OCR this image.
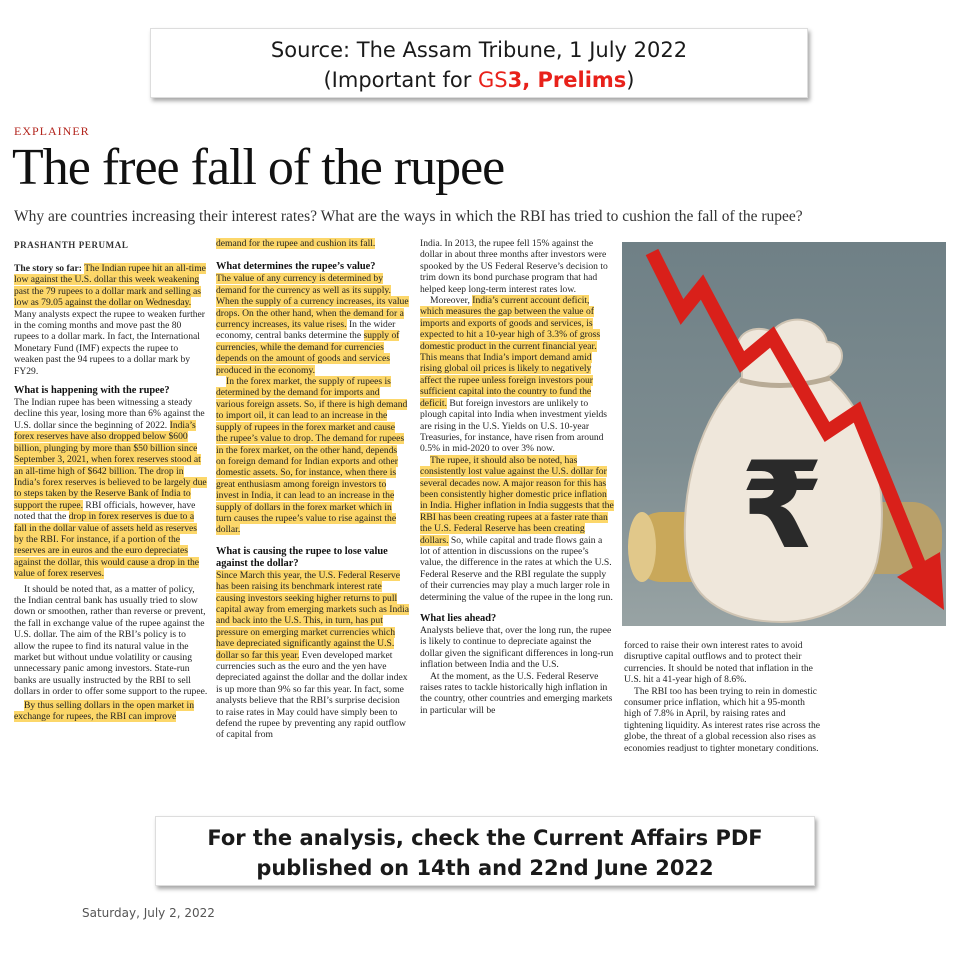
Source: The Assam Tribune, 1 July 2022
(Important for GS3, Prelims)
EXPLAINER
The free fall of the rupee
Why are countries increasing their interest rates? What are the ways in which the RBI has tried to cushion the fall of the rupee?
PRASHANTH PERUMAL

The story so far: The Indian rupee hit an all-time low against the U.S. dollar this week weakening past the 79 rupees to a dollar mark and selling as low as 79.05 against the dollar on Wednesday. Many analysts expect the rupee to weaken further in the coming months and move past the 80 rupees to a dollar mark. In fact, the International Monetary Fund (IMF) expects the rupee to weaken past the 94 rupees to a dollar mark by FY29.

What is happening with the rupee?

The Indian rupee has been witnessing a steady decline this year, losing more than 6% against the U.S. dollar since the beginning of 2022. India’s forex reserves have also dropped below $600 billion, plunging by more than $50 billion since September 3, 2021, when forex reserves stood at an all-time high of $642 billion. The drop in India’s forex reserves is believed to be largely due to steps taken by the Reserve Bank of India to support the rupee. RBI officials, however, have noted that the drop in forex reserves is due to a fall in the dollar value of assets held as reserves by the RBI. For instance, if a portion of the reserves are in euros and the euro depreciates against the dollar, this would cause a drop in the value of forex reserves.

It should be noted that, as a matter of policy, the Indian central bank has usually tried to slow down or smoothen, rather than reverse or prevent, the fall in exchange value of the rupee against the U.S. dollar. The aim of the RBI’s policy is to allow the rupee to find its natural value in the market but without undue volatility or causing unnecessary panic among investors. State-run banks are usually instructed by the RBI to sell dollars in order to offer some support to the rupee.

By thus selling dollars in the open market in exchange for rupees, the RBI can improve

demand for the rupee and cushion its fall.

What determines the rupee’s value?

The value of any currency is determined by demand for the currency as well as its supply. When the supply of a currency increases, its value drops. On the other hand, when the demand for a currency increases, its value rises. In the wider economy, central banks determine the supply of currencies, while the demand for currencies depends on the amount of goods and services produced in the economy.

In the forex market, the supply of rupees is determined by the demand for imports and various foreign assets. So, if there is high demand to import oil, it can lead to an increase in the supply of rupees in the forex market and cause the rupee’s value to drop. The demand for rupees in the forex market, on the other hand, depends on foreign demand for Indian exports and other domestic assets. So, for instance, when there is great enthusiasm among foreign investors to invest in India, it can lead to an increase in the supply of dollars in the forex market which in turn causes the rupee’s value to rise against the dollar.

What is causing the rupee to lose value against the dollar?

Since March this year, the U.S. Federal Reserve has been raising its benchmark interest rate causing investors seeking higher returns to pull capital away from emerging markets such as India and back into the U.S. This, in turn, has put pressure on emerging market currencies which have depreciated significantly against the U.S. dollar so far this year. Even developed market currencies such as the euro and the yen have depreciated against the dollar and the dollar index is up more than 9% so far this year. In fact, some analysts believe that the RBI’s surprise decision to raise rates in May could have simply been to defend the rupee by preventing any rapid outflow of capital from

India. In 2013, the rupee fell 15% against the dollar in about three months after investors were spooked by the US Federal Reserve’s decision to trim down its bond purchase program that had helped keep long-term interest rates low.

Moreover, India’s current account deficit, which measures the gap between the value of imports and exports of goods and services, is expected to hit a 10-year high of 3.3% of gross domestic product in the current financial year. This means that India’s import demand amid rising global oil prices is likely to negatively affect the rupee unless foreign investors pour sufficient capital into the country to fund the deficit. But foreign investors are unlikely to plough capital into India when investment yields are rising in the U.S. Yields on U.S. 10-year Treasuries, for instance, have risen from around 0.5% in mid-2020 to over 3% now.

The rupee, it should also be noted, has consistently lost value against the U.S. dollar for several decades now. A major reason for this has been consistently higher domestic price inflation in India. Higher inflation in India suggests that the RBI has been creating rupees at a faster rate than the U.S. Federal Reserve has been creating dollars. So, while capital and trade flows gain a lot of attention in discussions on the rupee’s value, the difference in the rates at which the U.S. Federal Reserve and the RBI regulate the supply of their currencies may play a much larger role in determining the value of the rupee in the long run.

What lies ahead?

Analysts believe that, over the long run, the rupee is likely to continue to depreciate against the dollar given the significant differences in long-run inflation between India and the U.S.

At the moment, as the U.S. Federal Reserve raises rates to tackle historically high inflation in the country, other countries and emerging markets in particular will be

₹

forced to raise their own interest rates to avoid disruptive capital outflows and to protect their currencies. It should be noted that inflation in the U.S. hit a 41-year high of 8.6%.

The RBI too has been trying to rein in domestic consumer price inflation, which hit a 95-month high of 7.8% in April, by raising rates and tightening liquidity. As interest rates rise across the globe, the threat of a global recession also rises as economies readjust to tighter monetary conditions.

For the analysis, check the Current Affairs PDF
published on 14th and 22nd June 2022
Saturday, July 2, 2022
